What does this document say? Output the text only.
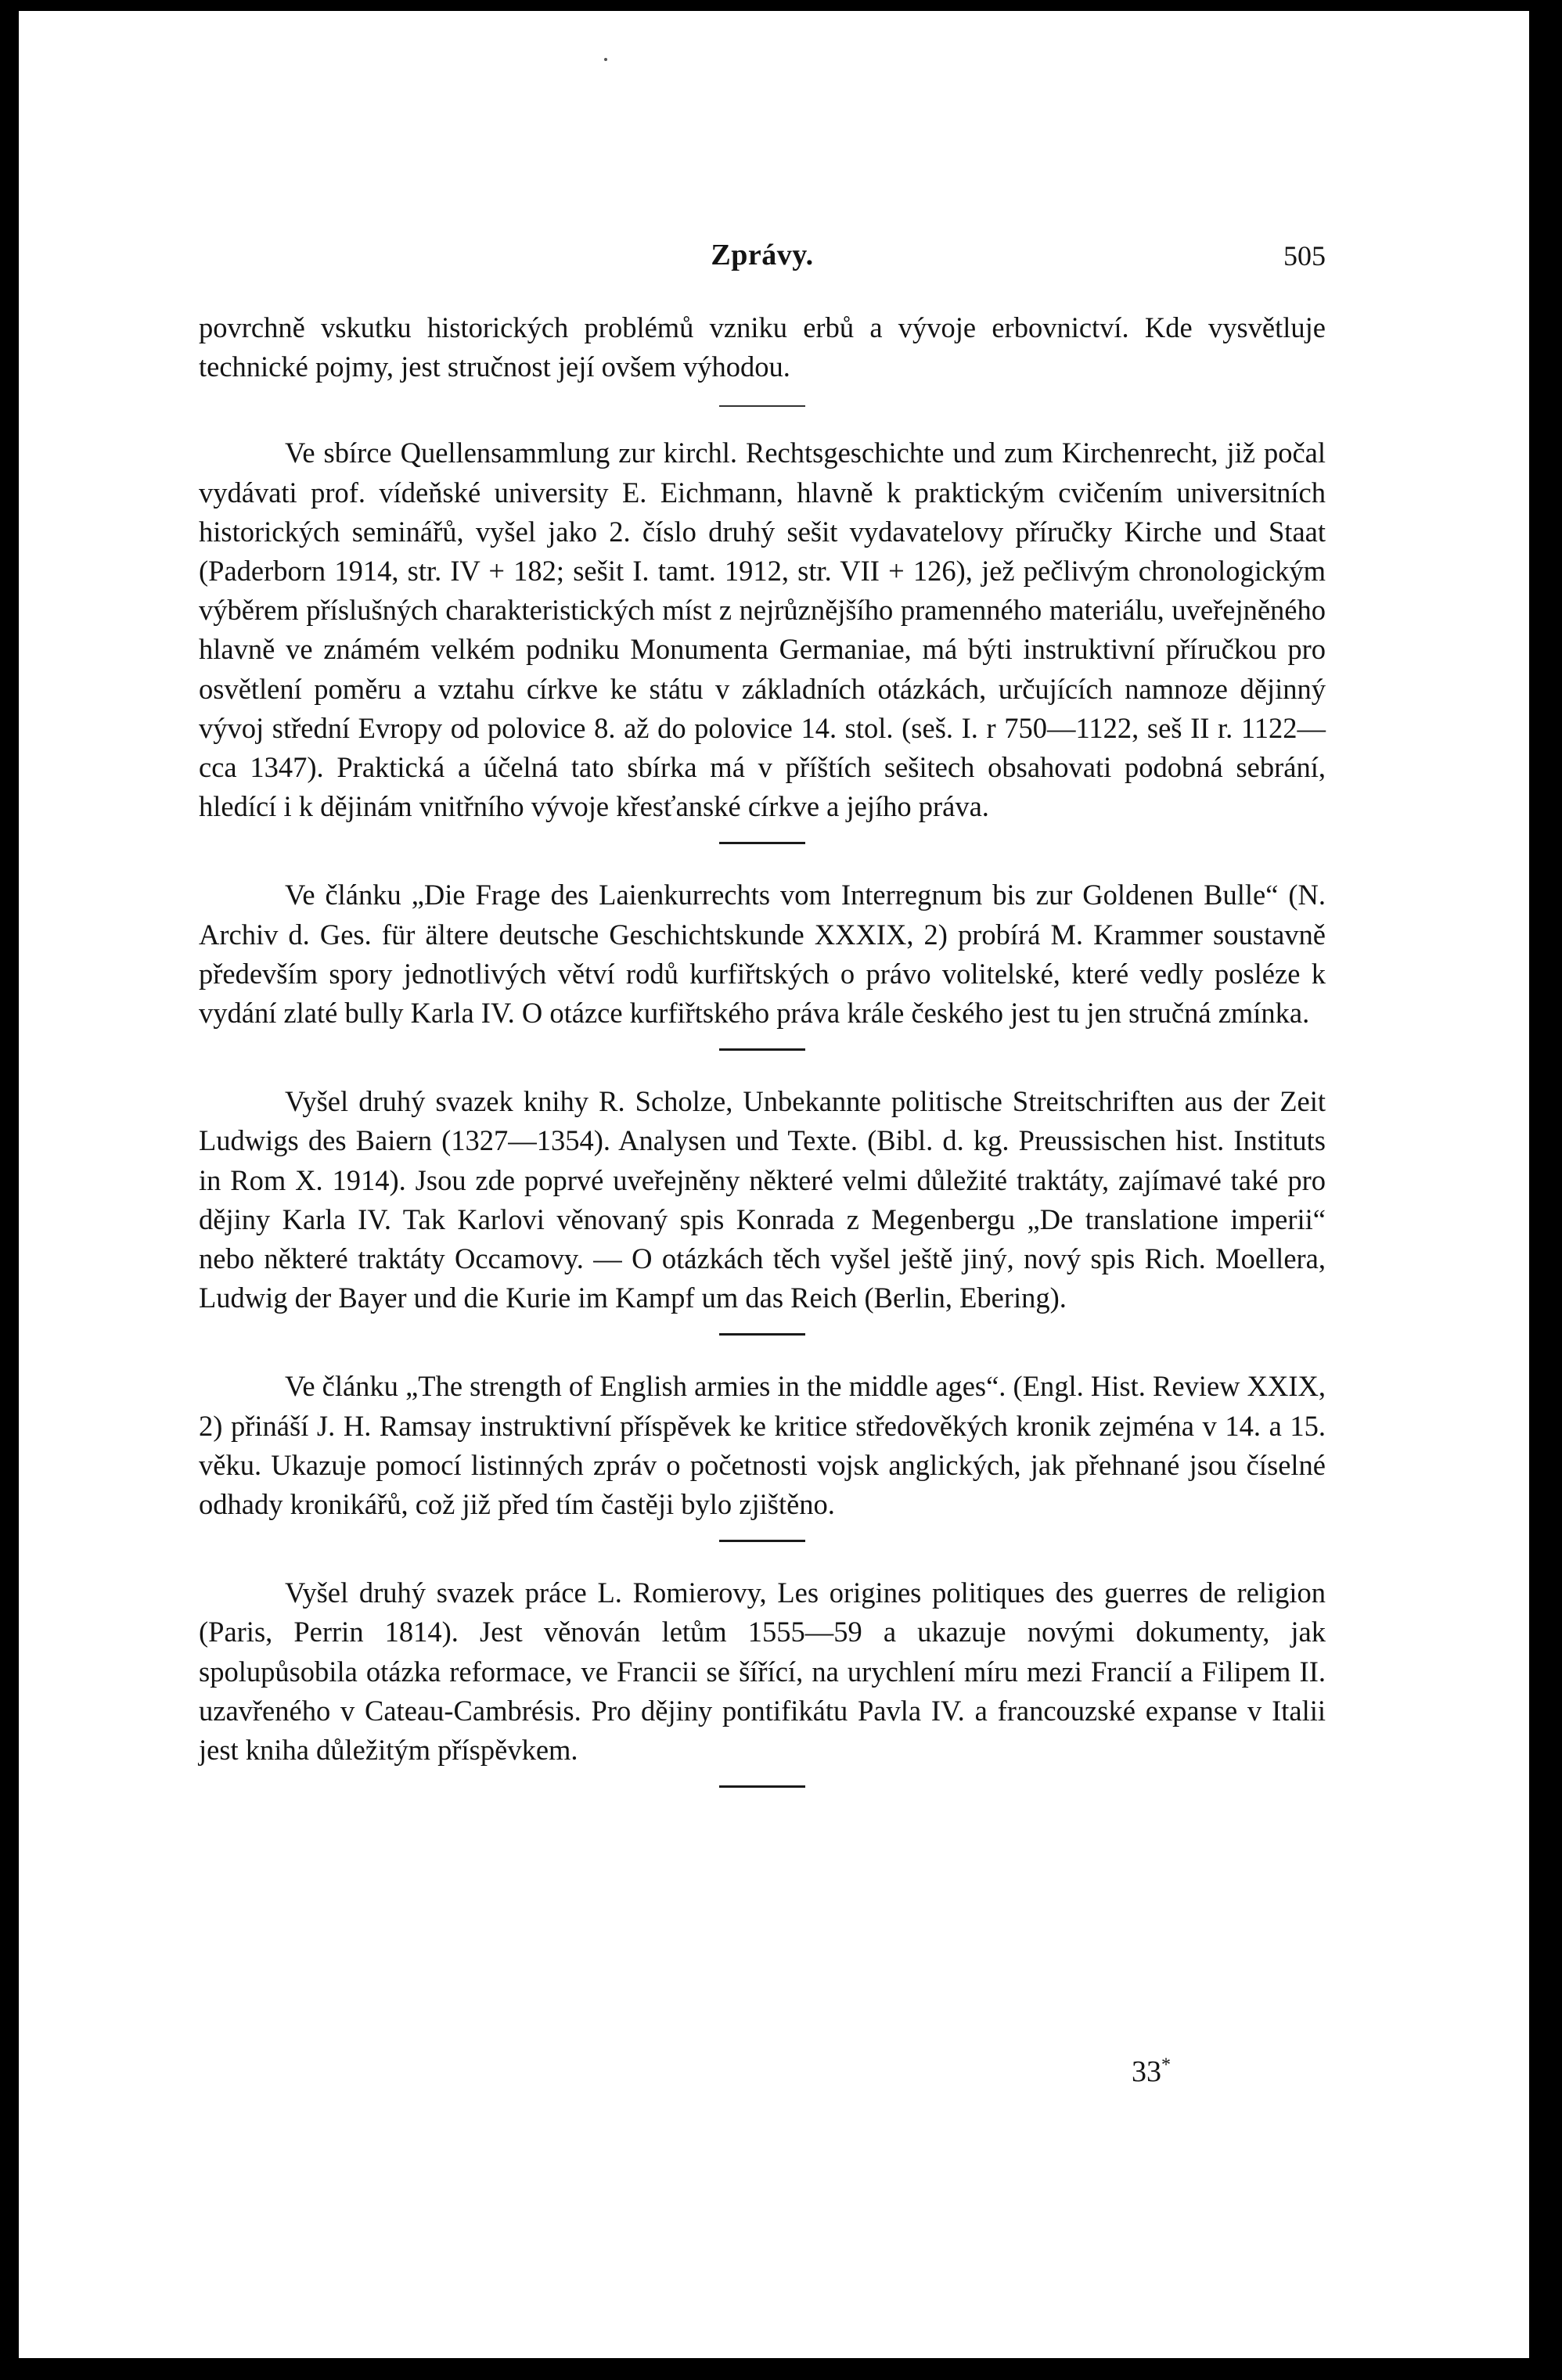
Zprávy.	505

povrchně vskutku historických problémů vzniku erbů a vývoje erbovnictví. Kde vysvětluje technické pojmy, jest stručnost její ovšem výhodou.

Ve sbírce Quellensammlung zur kirchl. Rechtsgeschichte und zum Kirchenrecht, již počal vydávati prof. vídeňské university E. Eichmann, hlavně k praktickým cvičením universitních historických seminářů, vyšel jako 2. číslo druhý sešit vydavatelovy příručky Kirche und Staat (Paderborn 1914, str. IV + 182; sešit I. tamt. 1912, str. VII + 126), jež pečlivým chronologickým výběrem příslušných charakteristických míst z nejrůznějšího pramenného materiálu, uveřejněného hlavně ve známém velkém podniku Monumenta Germaniae, má býti instruktivní příručkou pro osvětlení poměru a vztahu církve ke státu v základních otázkách, určujících namnoze dějinný vývoj střední Evropy od polovice 8. až do polovice 14. stol. (seš. I. r 750—1122, seš II r. 1122—cca 1347). Praktická a účelná tato sbírka má v příštích sešitech obsahovati podobná sebrání, hledící i k dějinám vnitřního vývoje křesťanské církve a jejího práva.

Ve článku „Die Frage des Laienkurrechts vom Interregnum bis zur Goldenen Bulle“ (N. Archiv d. Ges. für ältere deutsche Geschichtskunde XXXIX, 2) probírá M. Krammer soustavně především spory jednotlivých větví rodů kurfiřtských o právo volitelské, které vedly posléze k vydání zlaté bully Karla IV. O otázce kurfiřtského práva krále českého jest tu jen stručná zmínka.

Vyšel druhý svazek knihy R. Scholze, Unbekannte politische Streitschriften aus der Zeit Ludwigs des Baiern (1327—1354). Analysen und Texte. (Bibl. d. kg. Preussischen hist. Instituts in Rom X. 1914). Jsou zde poprvé uveřejněny některé velmi důležité traktáty, zajímavé také pro dějiny Karla IV. Tak Karlovi věnovaný spis Konrada z Megenbergu „De translatione imperii“ nebo některé traktáty Occamovy. — O otázkách těch vyšel ještě jiný, nový spis Rich. Moellera, Ludwig der Bayer und die Kurie im Kampf um das Reich (Berlin, Ebering).

Ve článku „The strength of English armies in the middle ages“. (Engl. Hist. Review XXIX, 2) přináší J. H. Ramsay instruktivní příspěvek ke kritice středověkých kronik zejména v 14. a 15. věku. Ukazuje pomocí listinných zpráv o početnosti vojsk anglických, jak přehnané jsou číselné odhady kronikářů, což již před tím častěji bylo zjištěno.

Vyšel druhý svazek práce L. Romierovy, Les origines politiques des guerres de religion (Paris, Perrin 1814). Jest věnován letům 1555—59 a ukazuje novými dokumenty, jak spolupůsobila otázka reformace, ve Francii se šířící, na urychlení míru mezi Francií a Filipem II. uzavřeného v Cateau-Cambrésis. Pro dějiny pontifikátu Pavla IV. a francouzské expanse v Italii jest kniha důležitým příspěvkem.

33*
